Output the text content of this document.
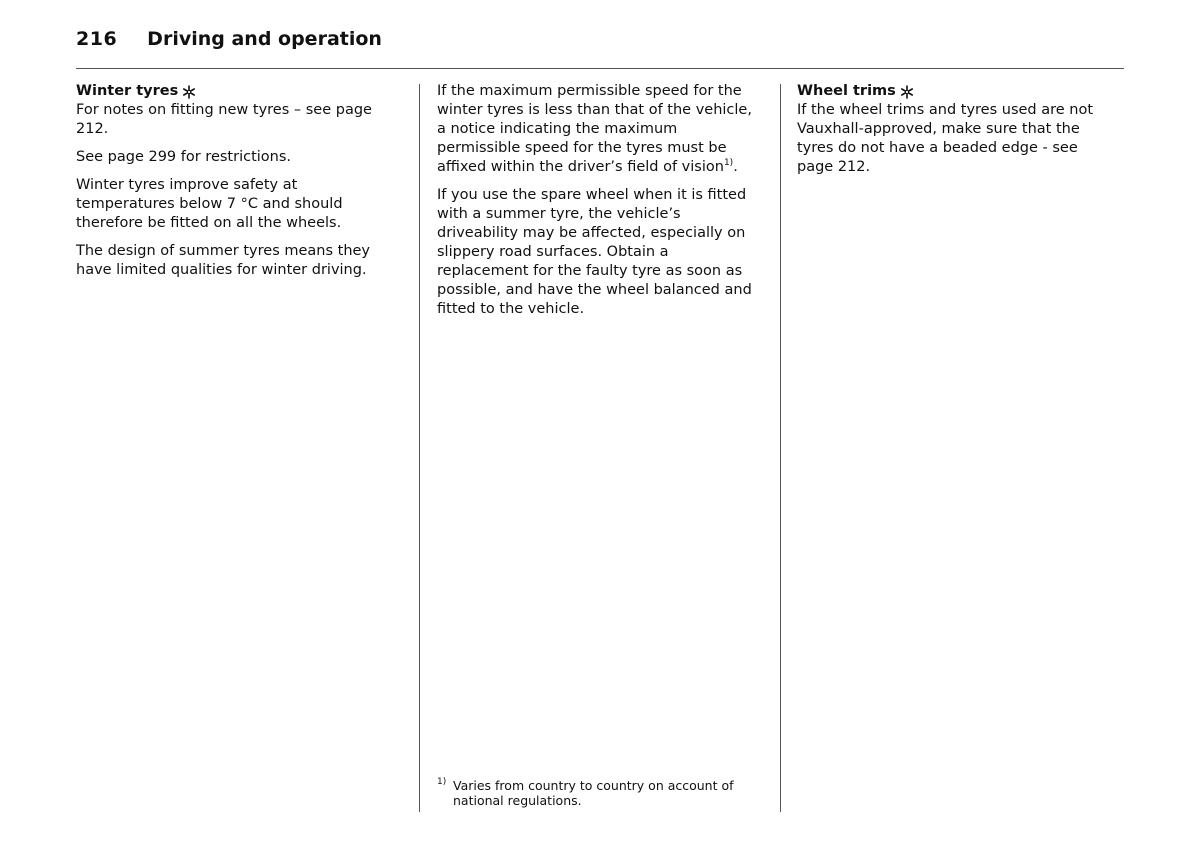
216 Driving and operation
Winter tyres

For notes on fitting new tyres – see page 212.

See page 299 for restrictions.

Winter tyres improve safety at temperatures below 7 °C and should therefore be fitted on all the wheels.

The design of summer tyres means they have limited qualities for winter driving.

If the maximum permissible speed for the winter tyres is less than that of the vehicle, a notice indicating the maximum permissible speed for the tyres must be affixed within the driver’s field of vision$^{1)}$.

If you use the spare wheel when it is fitted with a summer tyre, the vehicle’s driveability may be affected, especially on slippery road surfaces. Obtain a replacement for the faulty tyre as soon as possible, and have the wheel balanced and fitted to the vehicle.

1) Varies from country to country on account of national regulations.
Wheel trims

If the wheel trims and tyres used are not Vauxhall-approved, make sure that the tyres do not have a beaded edge - see page 212.
